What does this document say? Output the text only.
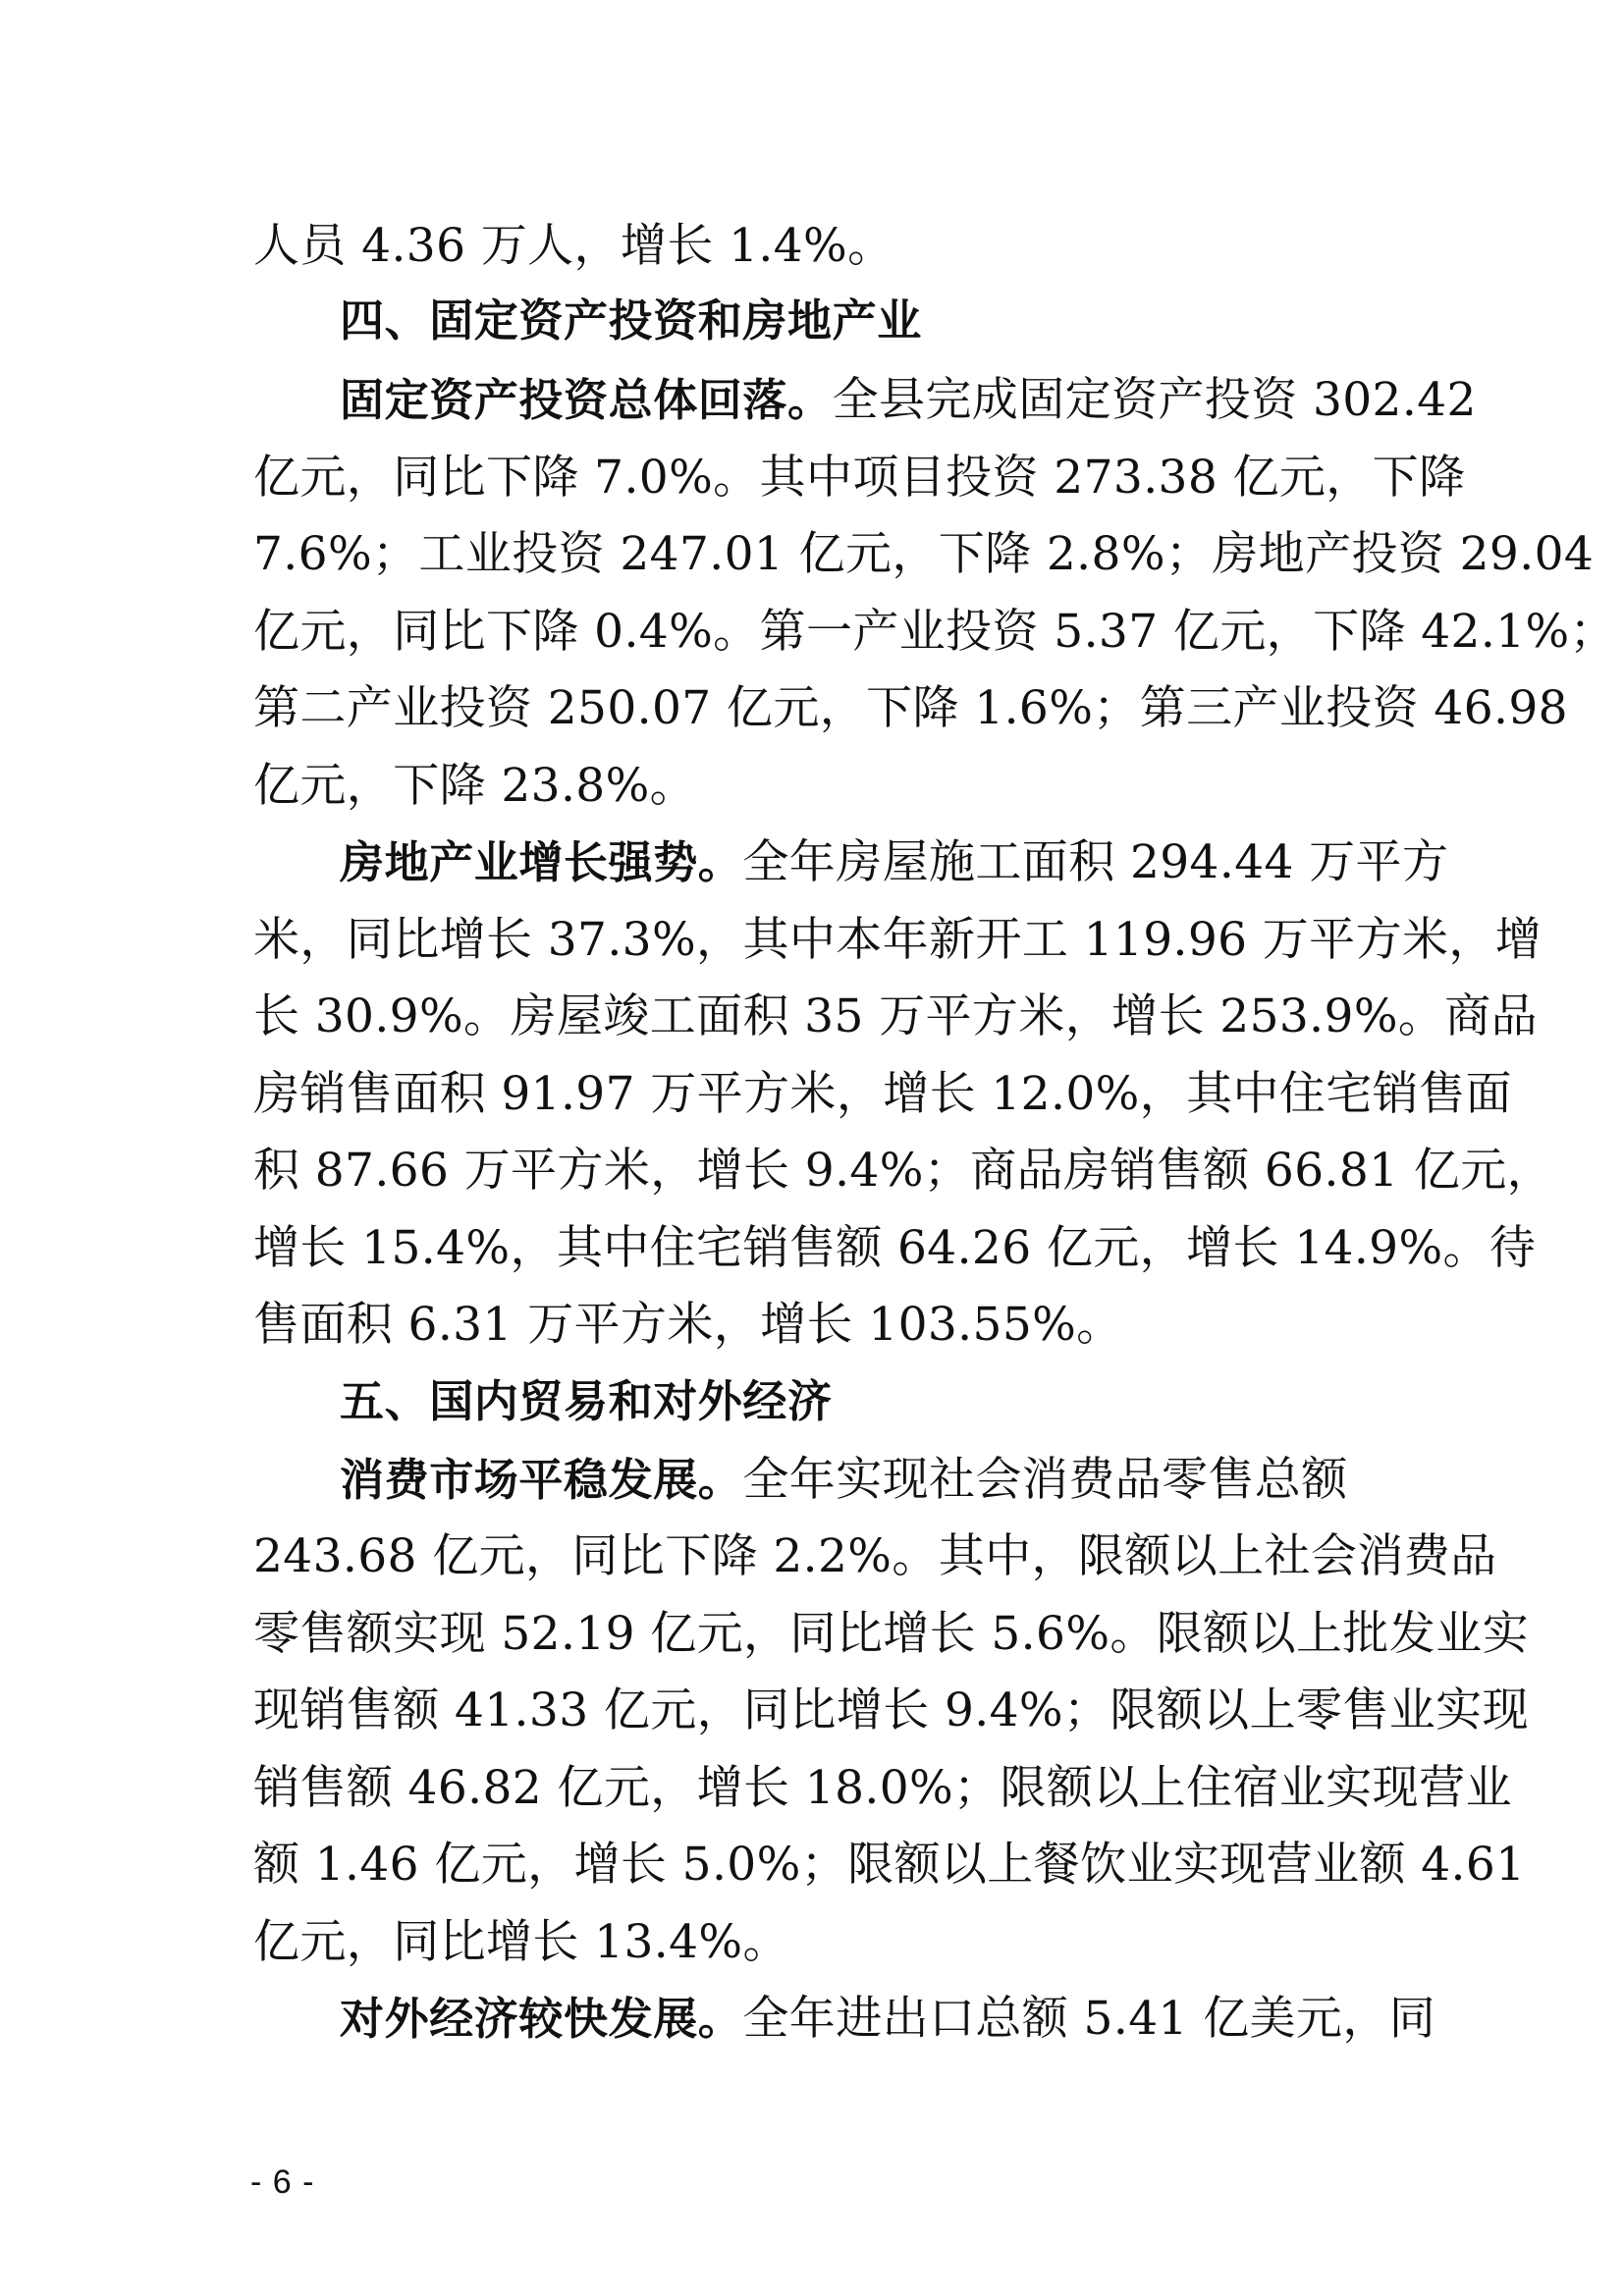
人员 4.36 万人，增长 1.4%。
四、固定资产投资和房地产业
固定资产投资总体回落。全县完成固定资产投资 302.42
亿元，同比下降 7.0%。其中项目投资 273.38 亿元，下降
7.6%；工业投资 247.01 亿元，下降 2.8%；房地产投资 29.04
亿元，同比下降 0.4%。第一产业投资 5.37 亿元，下降 42.1%；
第二产业投资 250.07 亿元，下降 1.6%；第三产业投资 46.98
亿元，下降 23.8%。
房地产业增长强势。全年房屋施工面积 294.44 万平方
米，同比增长 37.3%，其中本年新开工 119.96 万平方米，增
长 30.9%。房屋竣工面积 35 万平方米，增长 253.9%。商品
房销售面积 91.97 万平方米，增长 12.0%，其中住宅销售面
积 87.66 万平方米，增长 9.4%；商品房销售额 66.81 亿元，
增长 15.4%，其中住宅销售额 64.26 亿元，增长 14.9%。待
售面积 6.31 万平方米，增长 103.55%。
五、国内贸易和对外经济
消费市场平稳发展。全年实现社会消费品零售总额
243.68 亿元，同比下降 2.2%。其中，限额以上社会消费品
零售额实现 52.19 亿元，同比增长 5.6%。限额以上批发业实
现销售额 41.33 亿元，同比增长 9.4%；限额以上零售业实现
销售额 46.82 亿元，增长 18.0%；限额以上住宿业实现营业
额 1.46 亿元，增长 5.0%；限额以上餐饮业实现营业额 4.61
亿元，同比增长 13.4%。
对外经济较快发展。全年进出口总额 5.41 亿美元，同
- 6 -
